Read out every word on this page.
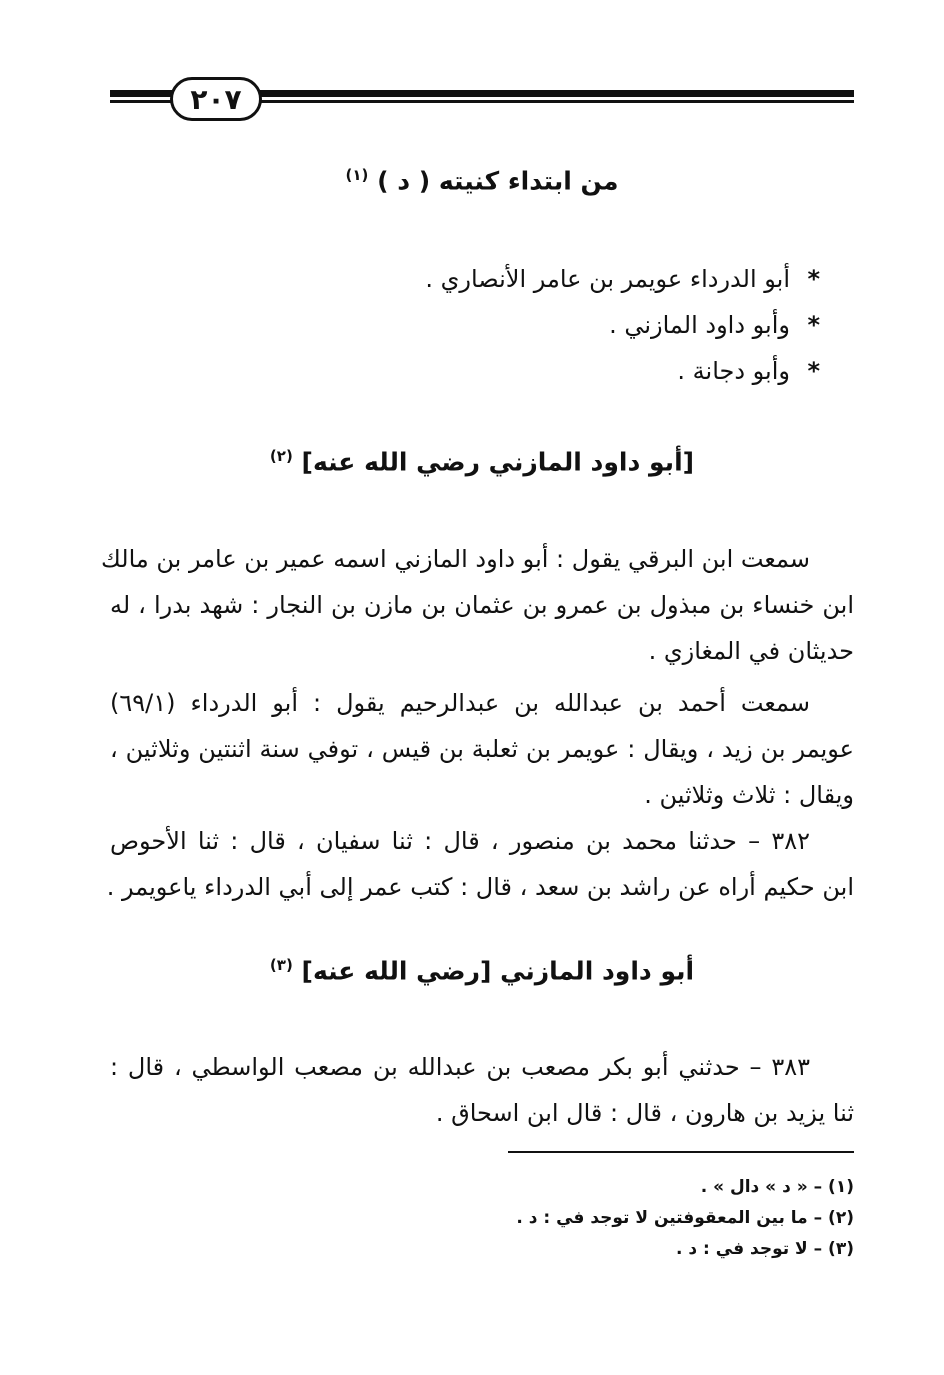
٢٠٧
من ابتداء كنيته ( د ) $^{(١)}$
*أبو الدرداء عويمر بن عامر الأنصاري .
*وأبو داود المازني .
*وأبو دجانة .
[أبو داود المازني رضي الله عنه] $^{(٢)}$
سمعت ابن البرقي يقول : أبو داود المازني اسمه عمير بن عامر بن مالك
ابن خنساء بن مبذول بن عمرو بن عثمان بن مازن بن النجار : شهد بدرا ، له
حديثان في المغازي .
سمعت أحمد بن عبدالله بن عبدالرحيم يقول : أبو الدرداء (٦٩/١)
عويمر بن زيد ، ويقال : عويمر بن ثعلبة بن قيس ، توفي سنة اثنتين وثلاثين ،
ويقال : ثلاث وثلاثين .
٣٨٢ – حدثنا محمد بن منصور ، قال : ثنا سفيان ، قال : ثنا الأحوص
ابن حكيم أراه عن راشد بن سعد ، قال : كتب عمر إلى أبي الدرداء ياعويمر .
أبو داود المازني [رضي الله عنه] $^{(٣)}$
٣٨٣ – حدثني أبو بكر مصعب بن عبدالله بن مصعب الواسطي ، قال :
ثنا يزيد بن هارون ، قال : قال ابن اسحاق .
(١) – « د » دال » .
(٢) – ما بين المعقوفتين لا توجد في : د .
(٣) – لا توجد في : د .
